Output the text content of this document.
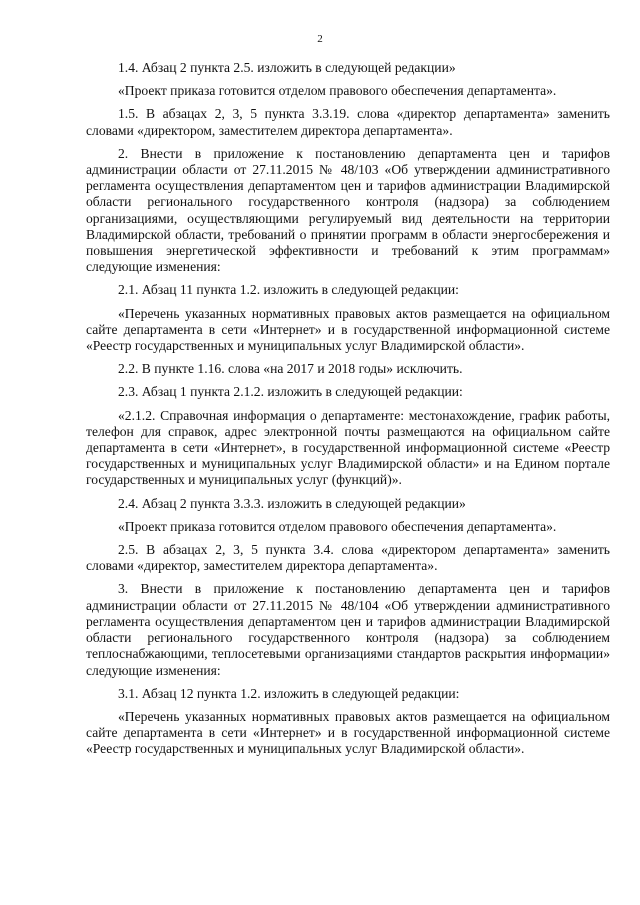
2

1.4. Абзац 2 пункта 2.5. изложить в следующей редакции»

«Проект приказа готовится отделом правового обеспечения департамента».

1.5. В абзацах 2, 3, 5 пункта 3.3.19. слова «директор департамента» заменить словами «директором, заместителем директора департамента».

2. Внести в приложение к постановлению департамента цен и тарифов администрации области от 27.11.2015 № 48/103 «Об утверждении административного регламента осуществления департаментом цен и тарифов администрации Владимирской области регионального государственного контроля (надзора) за соблюдением организациями, осуществляющими регулируемый вид деятельности на территории Владимирской области, требований о принятии программ в области энергосбережения и повышения энергетической эффективности и требований к этим программам» следующие изменения:

2.1. Абзац 11 пункта 1.2. изложить в следующей редакции:

«Перечень указанных нормативных правовых актов размещается на официальном сайте департамента в сети «Интернет» и в государственной информационной системе «Реестр государственных и муниципальных услуг Владимирской области».

2.2. В пункте 1.16. слова «на 2017 и 2018 годы» исключить.

2.3. Абзац 1 пункта 2.1.2. изложить в следующей редакции:

«2.1.2. Справочная информация о департаменте: местонахождение, график работы, телефон для справок, адрес электронной почты размещаются на официальном сайте департамента в сети «Интернет», в государственной информационной системе «Реестр государственных и муниципальных услуг Владимирской области» и на Едином портале государственных и муниципальных услуг (функций)».

2.4. Абзац 2 пункта 3.3.3. изложить в следующей редакции»

«Проект приказа готовится отделом правового обеспечения департамента».

2.5. В абзацах 2, 3, 5 пункта 3.4. слова «директором департамента» заменить словами «директор, заместителем директора департамента».

3. Внести в приложение к постановлению департамента цен и тарифов администрации области от 27.11.2015 № 48/104 «Об утверждении административного регламента осуществления департаментом цен и тарифов администрации Владимирской области регионального государственного контроля (надзора) за соблюдением теплоснабжающими, теплосетевыми организациями стандартов раскрытия информации» следующие изменения:

3.1. Абзац 12 пункта 1.2. изложить в следующей редакции:

«Перечень указанных нормативных правовых актов размещается на официальном сайте департамента в сети «Интернет» и в государственной информационной системе «Реестр государственных и муниципальных услуг Владимирской области».
